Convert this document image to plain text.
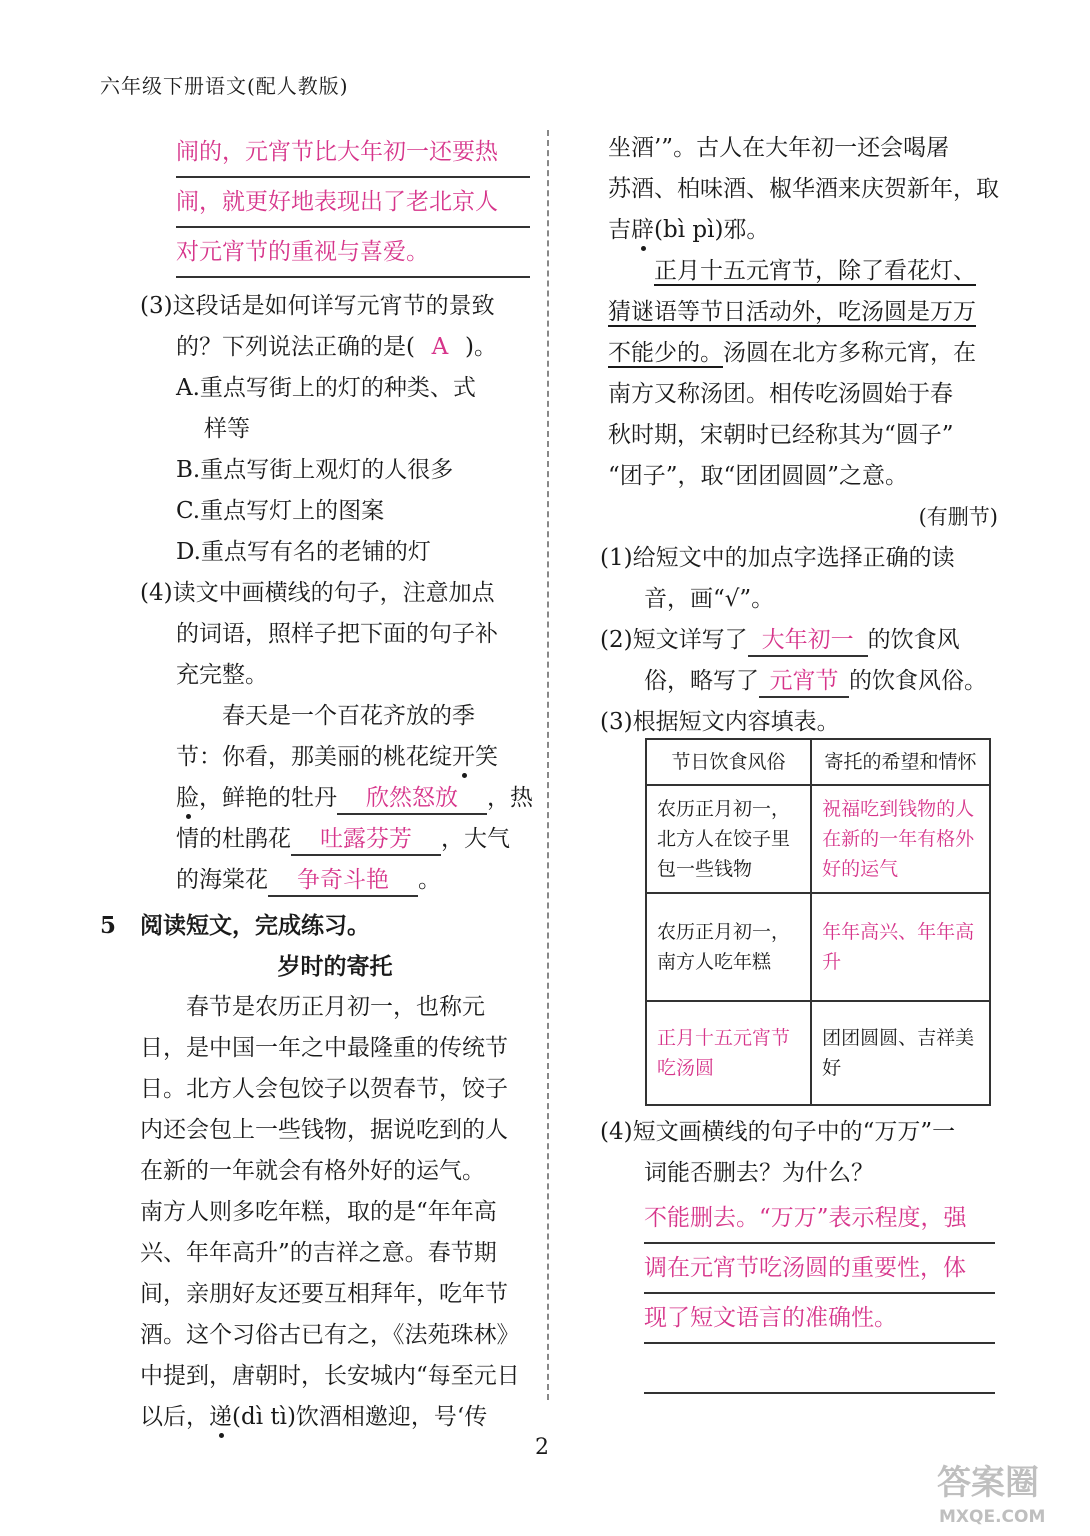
六年级下册语文(配人教版)
闹的，元宵节比大年初一还要热
闹，就更好地表现出了老北京人
对元宵节的重视与喜爱。
(3)这段话是如何详写元宵节的景致
的？下列说法正确的是( A )。
A.重点写街上的灯的种类、式
样等
B.重点写街上观灯的人很多
C.重点写灯上的图案
D.重点写有名的老铺的灯
(4)读文中画横线的句子，注意加点
的词语，照样子把下面的句子补
充完整。
春天是一个百花齐放的季
节：你看，那美丽的桃花绽开笑
脸，鲜艳的牡丹 欣然怒放 ，热
情的杜鹃花 吐露芬芳 ，大气
的海棠花 争奇斗艳 。
5 阅读短文，完成练习。
岁时的寄托
春节是农历正月初一，也称元
日，是中国一年之中最隆重的传统节
日。北方人会包饺子以贺春节，饺子
内还会包上一些钱物，据说吃到的人
在新的一年就会有格外好的运气。
南方人则多吃年糕，取的是“年年高
兴、年年高升”的吉祥之意。春节期
间，亲朋好友还要互相拜年，吃年节
酒。这个习俗古已有之，《法苑珠林》
中提到，唐朝时，长安城内“每至元日
以后，递(dì tì)饮酒相邀迎，号‘传
坐酒’”。古人在大年初一还会喝屠
苏酒、柏味酒、椒华酒来庆贺新年，取
吉辟(bì pì)邪。
正月十五元宵节，除了看花灯、
猜谜语等节日活动外，吃汤圆是万万
不能少的。汤圆在北方多称元宵，在
南方又称汤团。相传吃汤圆始于春
秋时期，宋朝时已经称其为“圆子”
“团子”，取“团团圆圆”之意。
(有删节)
(1)给短文中的加点字选择正确的读
音，画“√”。
(2)短文详写了 大年初一 的饮食风
俗，略写了 元宵节 的饮食风俗。
(3)根据短文内容填表。
节日饮食风俗	寄托的希望和情怀
农历正月初一，北方人在饺子里包一些钱物	祝福吃到钱物的人在新的一年有格外好的运气
农历正月初一，南方人吃年糕	年年高兴、年年高升
正月十五元宵节吃汤圆	团团圆圆、吉祥美好
(4)短文画横线的句子中的“万万”一
词能否删去？为什么？
不能删去。“万万”表示程度，强
调在元宵节吃汤圆的重要性，体
现了短文语言的准确性。
2
答案圈
MXQE.COM
